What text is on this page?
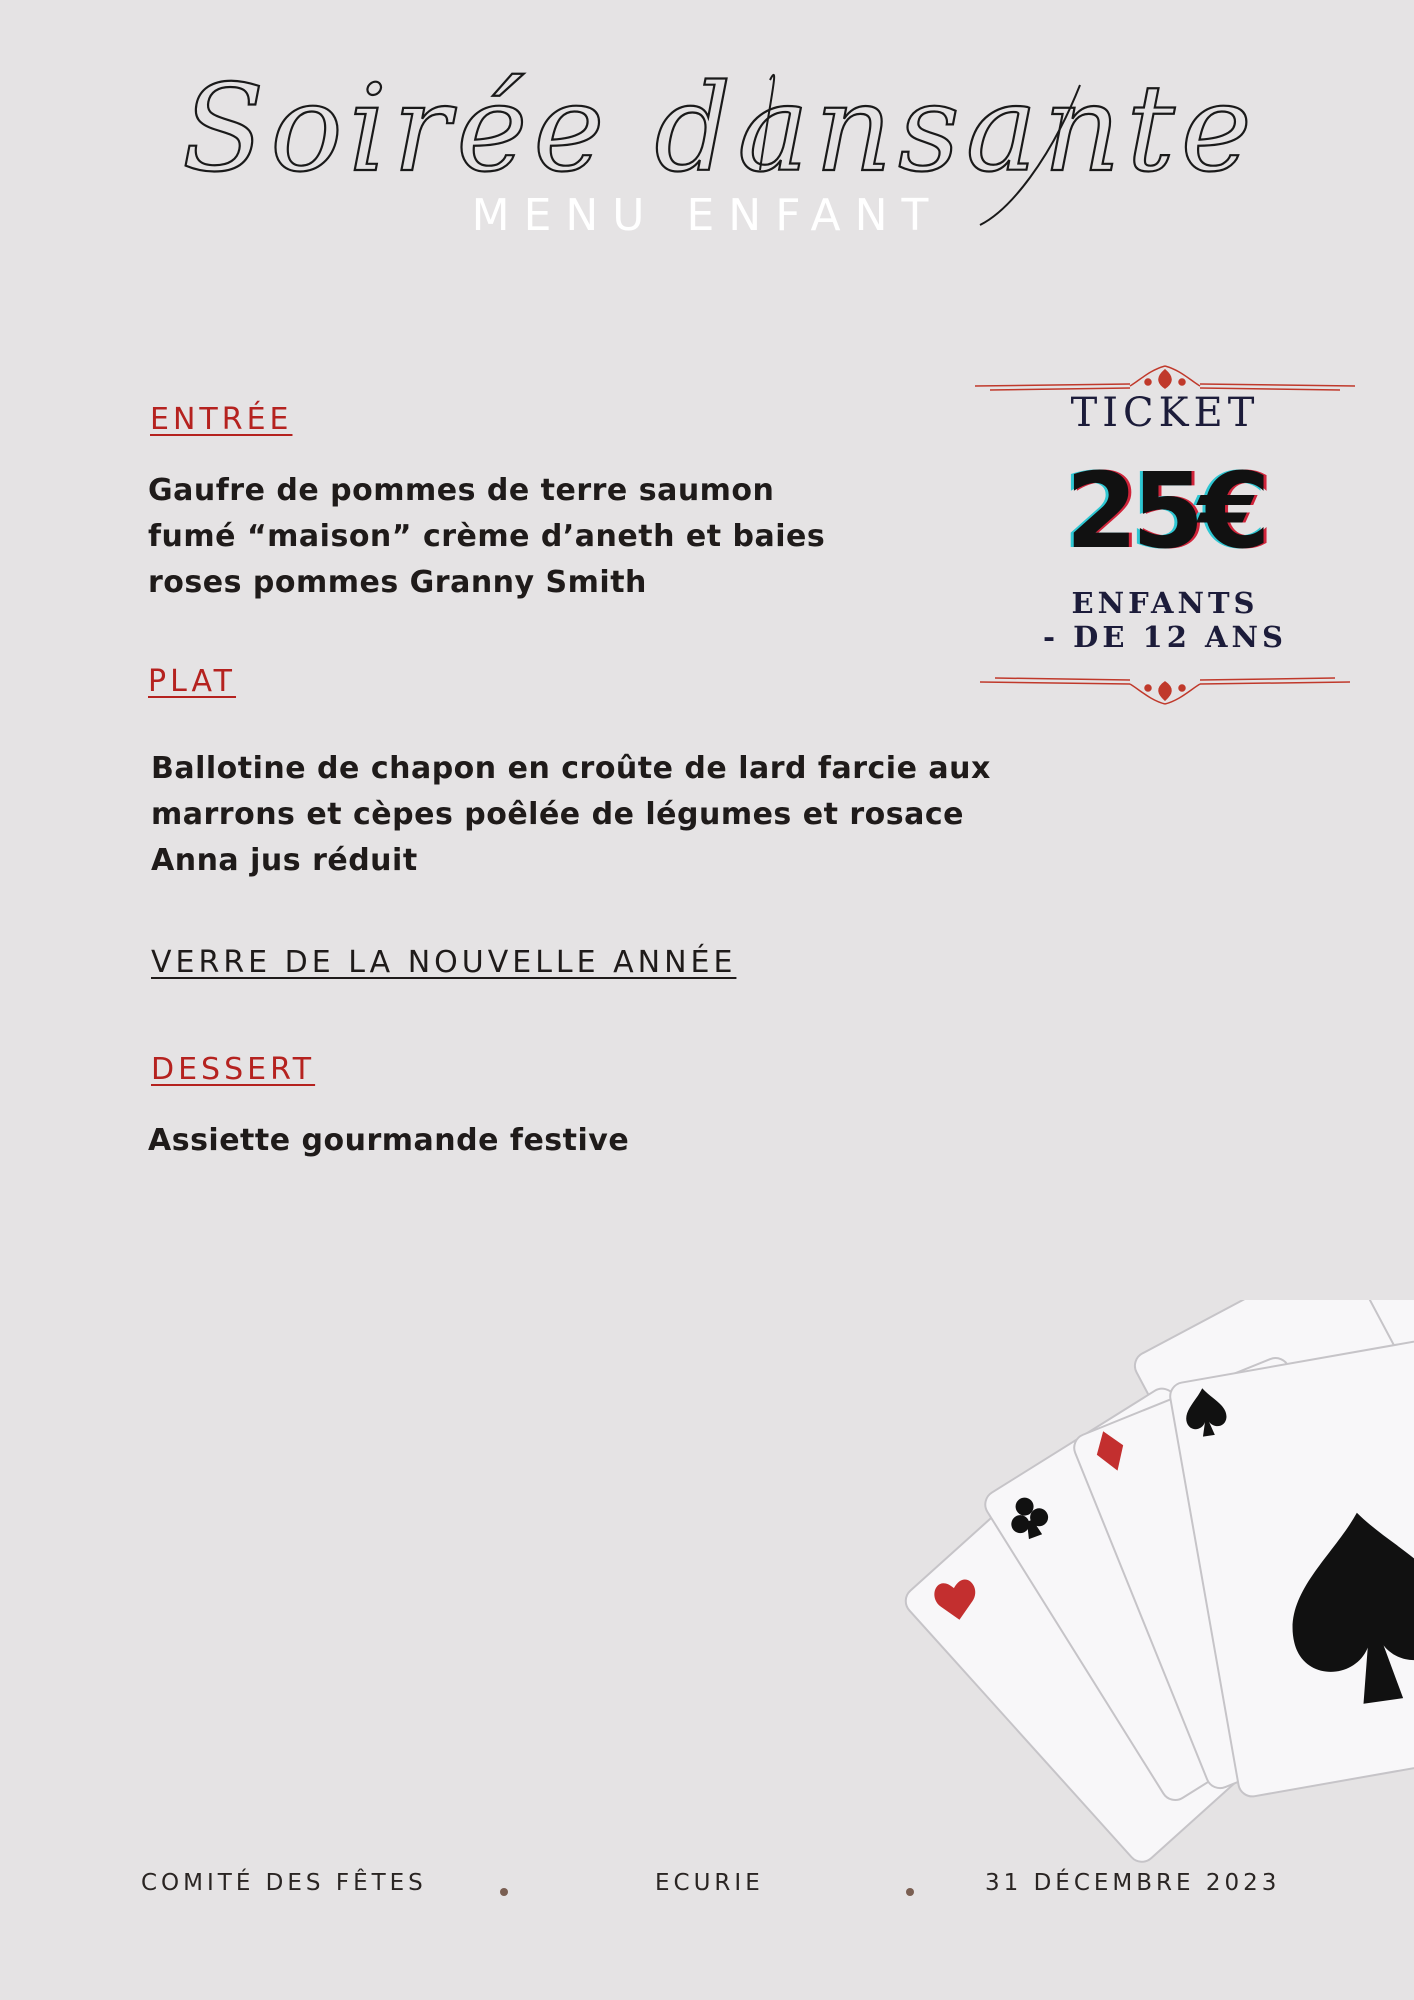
Soirée dansante
MENU ENFANT
ENTRÉE
Gaufre de pommes de terre saumon
fumé “maison” crème d’aneth et baies
roses pommes Granny Smith
PLAT
Ballotine de chapon en croûte de lard farcie aux
marrons et cèpes poêlée de légumes et rosace
Anna jus réduit
VERRE DE LA NOUVELLE ANNÉE
DESSERT
Assiette gourmande festive
TICKET
25€
ENFANTS
- DE 12 ANS
COMITÉ DES FÊTES	ECURIE	31 DÉCEMBRE 2023
